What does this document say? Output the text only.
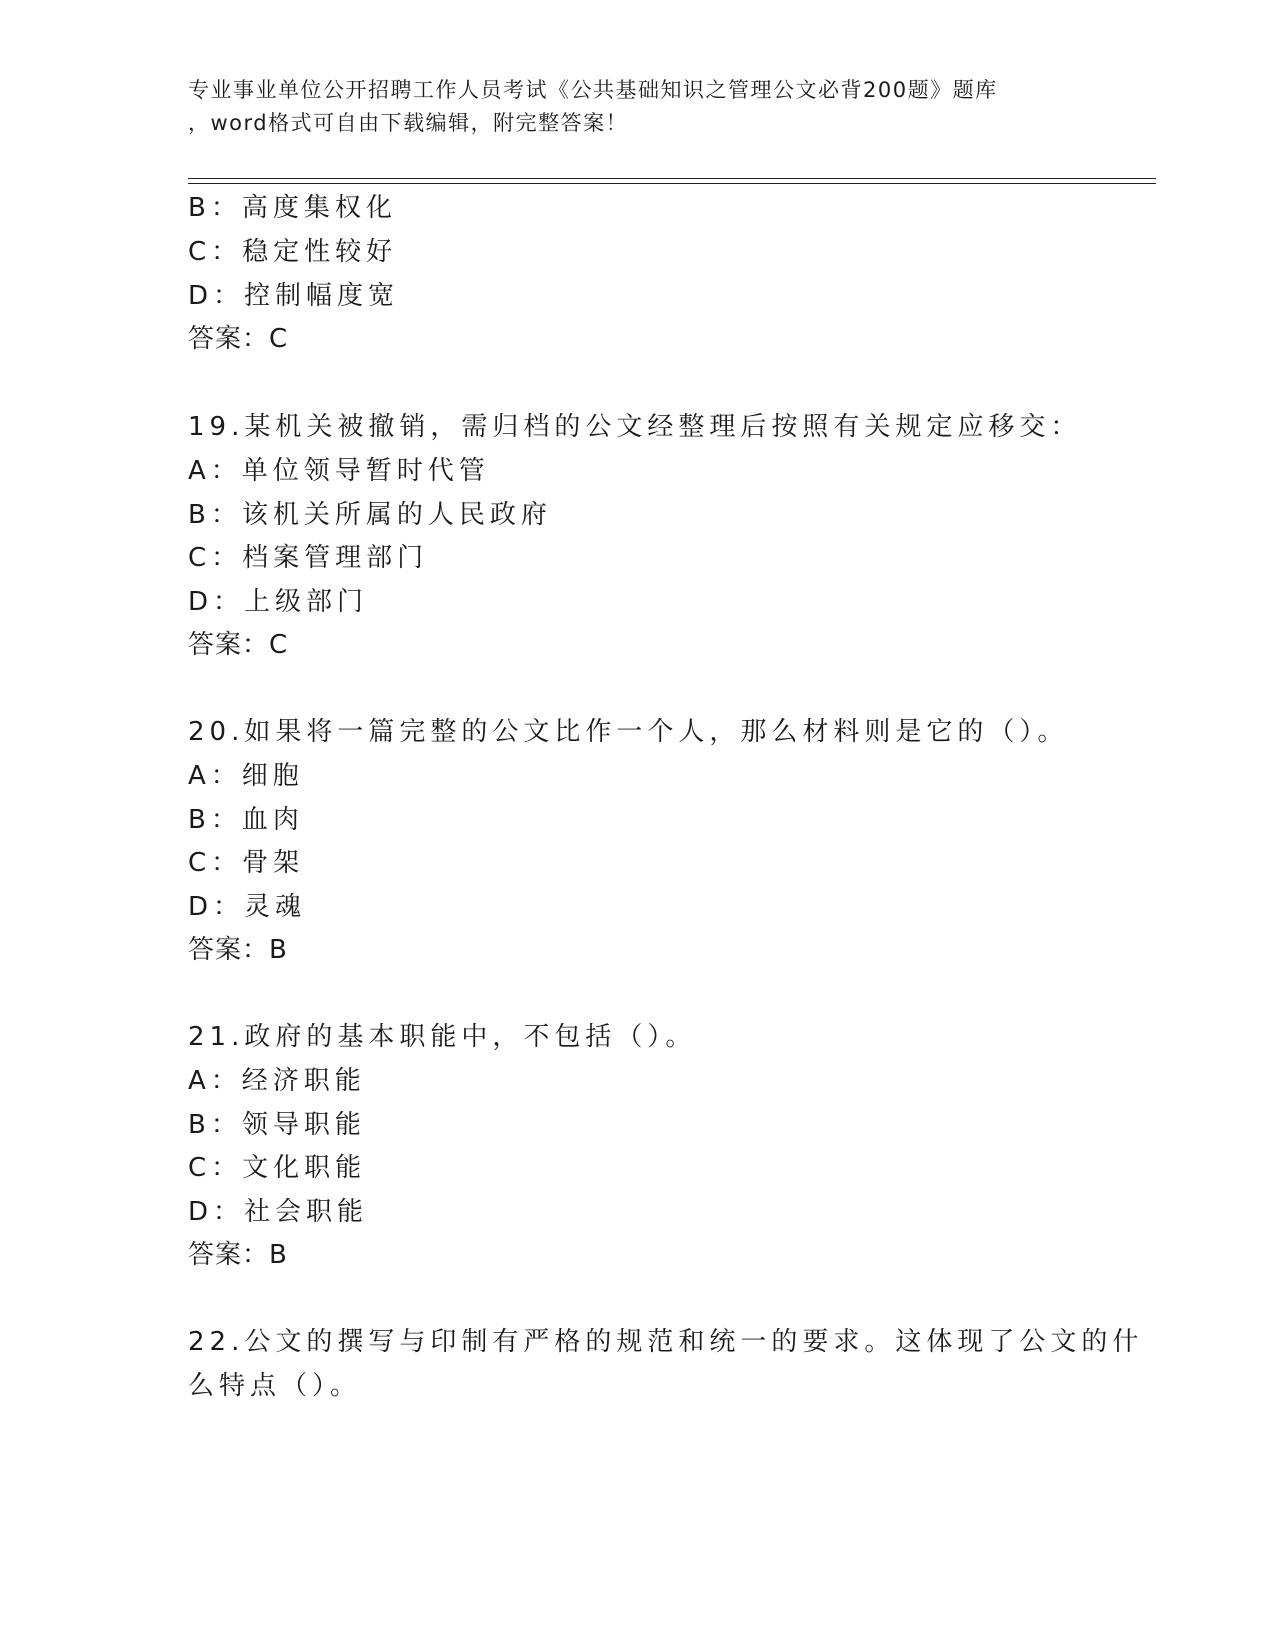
专业事业单位公开招聘工作人员考试《公共基础知识之管理公文必背200题》题库
，word格式可自由下载编辑，附完整答案！
B：高度集权化
C：稳定性较好
D：控制幅度宽
答案：C
19.某机关被撤销，需归档的公文经整理后按照有关规定应移交：
A：单位领导暂时代管
B：该机关所属的人民政府
C：档案管理部门
D：上级部门
答案：C
20.如果将一篇完整的公文比作一个人，那么材料则是它的（）。
A：细胞
B：血肉
C：骨架
D：灵魂
答案：B
21.政府的基本职能中，不包括（）。
A：经济职能
B：领导职能
C：文化职能
D：社会职能
答案：B
22.公文的撰写与印制有严格的规范和统一的要求。这体现了公文的什
么特点（）。
